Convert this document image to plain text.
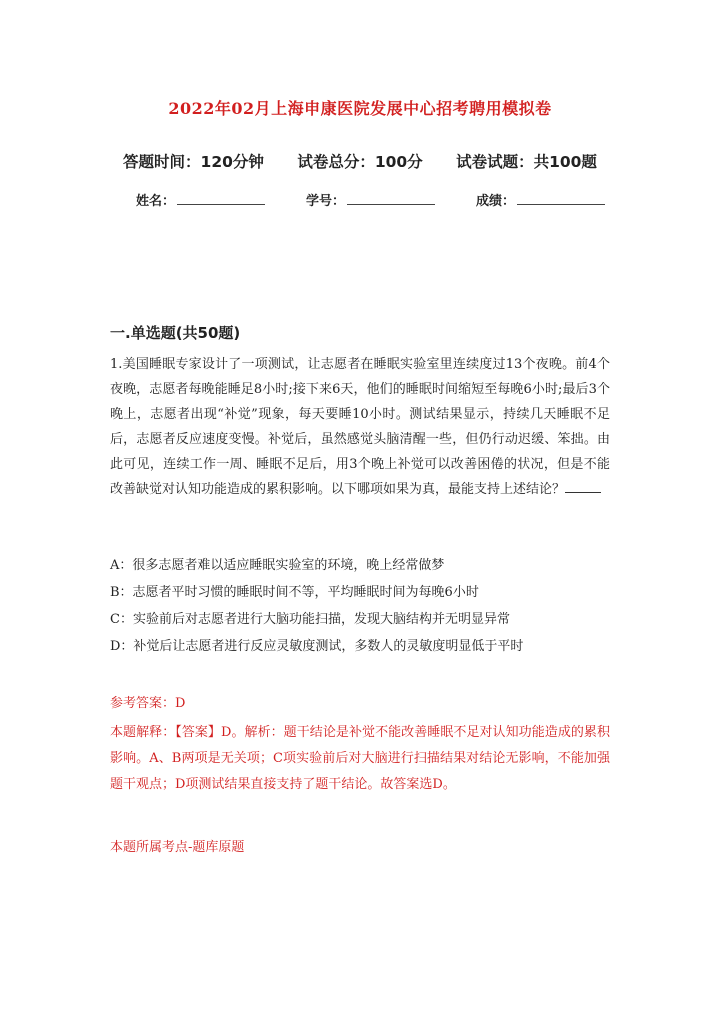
2022年02月上海申康医院发展中心招考聘用模拟卷
答题时间：120分钟 试卷总分：100分 试卷试题：共100题
姓名：	学号：	成绩：
一.单选题(共50题)
1.美国睡眠专家设计了一项测试，让志愿者在睡眠实验室里连续度过13个夜晚。前4个夜晚，志愿者每晚能睡足8小时;接下来6天，他们的睡眠时间缩短至每晚6小时;最后3个晚上，志愿者出现“补觉”现象，每天要睡10小时。测试结果显示，持续几天睡眠不足后，志愿者反应速度变慢。补觉后，虽然感觉头脑清醒一些，但仍行动迟缓、笨拙。由此可见，连续工作一周、睡眠不足后，用3个晚上补觉可以改善困倦的状况，但是不能改善缺觉对认知功能造成的累积影响。以下哪项如果为真，最能支持上述结论？
A：很多志愿者难以适应睡眠实验室的环境，晚上经常做梦
B：志愿者平时习惯的睡眠时间不等，平均睡眠时间为每晚6小时
C：实验前后对志愿者进行大脑功能扫描，发现大脑结构并无明显异常
D：补觉后让志愿者进行反应灵敏度测试，多数人的灵敏度明显低于平时
参考答案：D
本题解释：【答案】D。解析：题干结论是补觉不能改善睡眠不足对认知功能造成的累积影响。A、B两项是无关项；C项实验前后对大脑进行扫描结果对结论无影响，不能加强题干观点；D项测试结果直接支持了题干结论。故答案选D。
本题所属考点-题库原题
